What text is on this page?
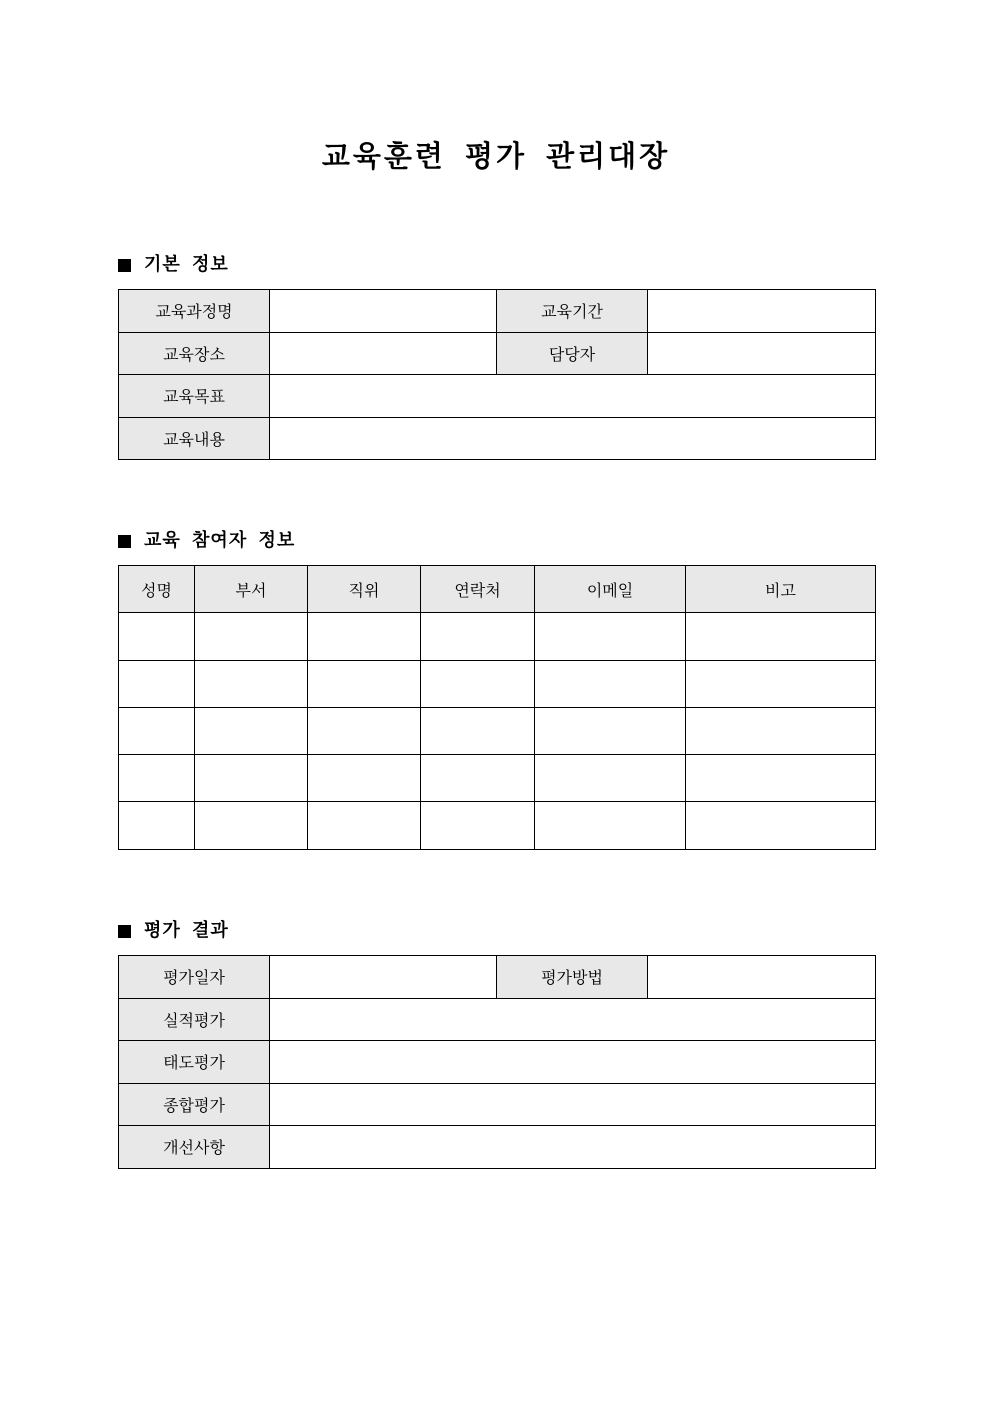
교육훈련 평가 관리대장
기본 정보
교육과정명		교육기간	
교육장소		담당자	
교육목표			
교육내용			
교육 참여자 정보
성명	부서	직위	연락처	이메일	비고

평가 결과
평가일자		평가방법	
실적평가			
태도평가			
종합평가			
개선사항			
